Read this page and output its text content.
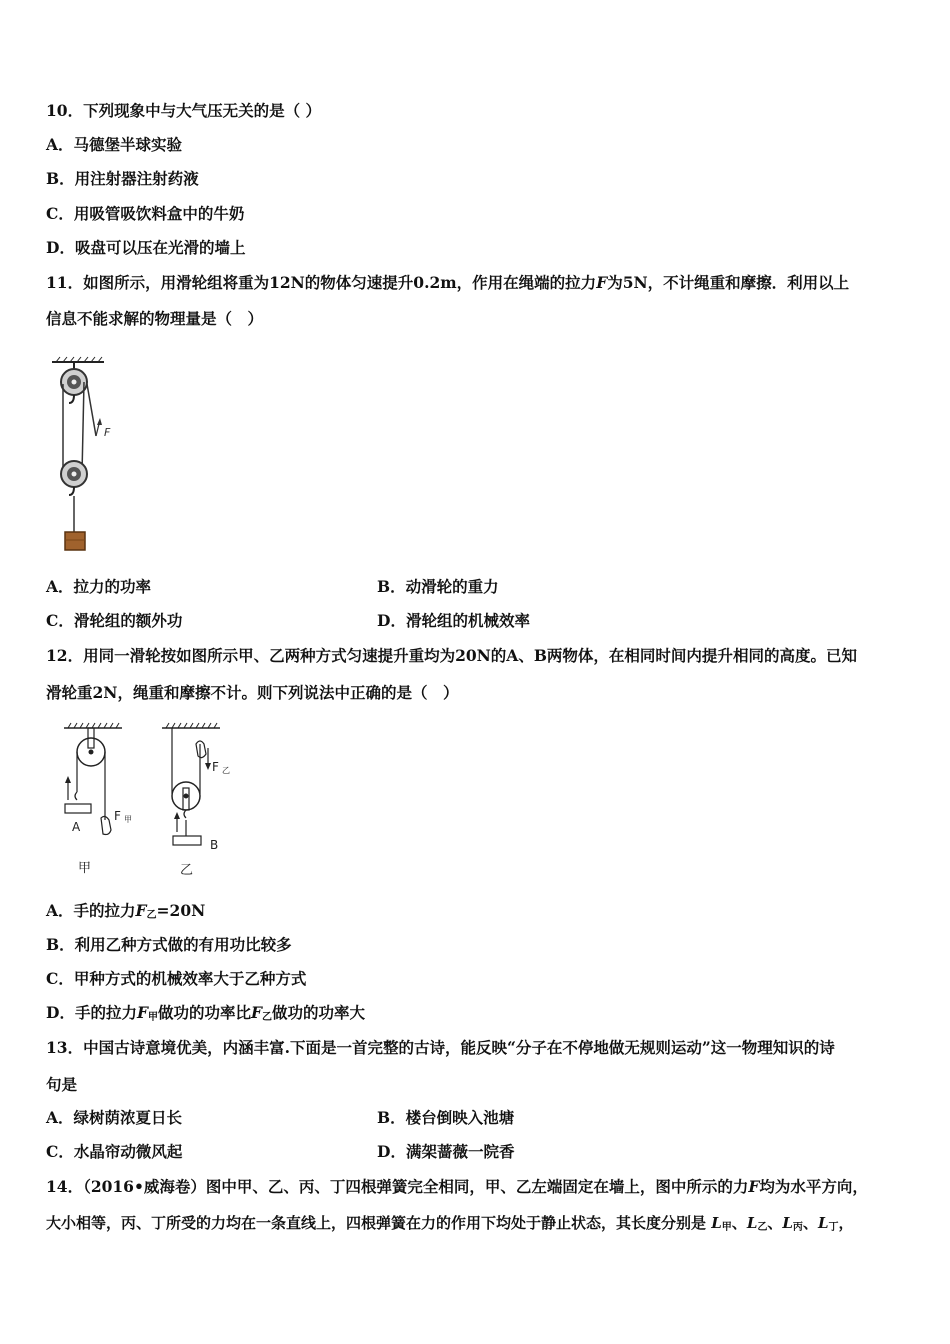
10．下列现象中与大气压无关的是（ ）
A．马德堡半球实验
B．用注射器注射药液
C．用吸管吸饮料盒中的牛奶
D．吸盘可以压在光滑的墙上
11．如图所示，用滑轮组将重为12N的物体匀速提升0.2m，作用在绳端的拉力F为5N，不计绳重和摩擦．利用以上
信息不能求解的物理量是（　）
F
A．拉力的功率	B．动滑轮的重力
C．滑轮组的额外功	D．滑轮组的机械效率
12．用同一滑轮按如图所示甲、乙两种方式匀速提升重均为20N的A、B两物体，在相同时间内提升相同的高度。已知
滑轮重2N，绳重和摩擦不计。则下列说法中正确的是（　）
A
F 甲
甲
F 乙
B
乙
A．手的拉力$F_乙=20N$
B．利用乙种方式做的有用功比较多
C．甲种方式的机械效率大于乙种方式
D．手的拉力$F_甲$做功的功率比$F_乙$做功的功率大
13．中国古诗意境优美，内涵丰富.下面是一首完整的古诗，能反映“分子在不停地做无规则运动”这一物理知识的诗
句是
A．绿树荫浓夏日长	B．楼台倒映入池塘
C．水晶帘动微风起	D．满架蔷薇一院香
14．（2016•威海卷）图中甲、乙、丙、丁四根弹簧完全相同，甲、乙左端固定在墙上，图中所示的力F均为水平方向，
大小相等，丙、丁所受的力均在一条直线上，四根弹簧在力的作用下均处于静止状态，其长度分别是 $L_甲$、$L_乙$、$L_丙$、$L_丁$，
